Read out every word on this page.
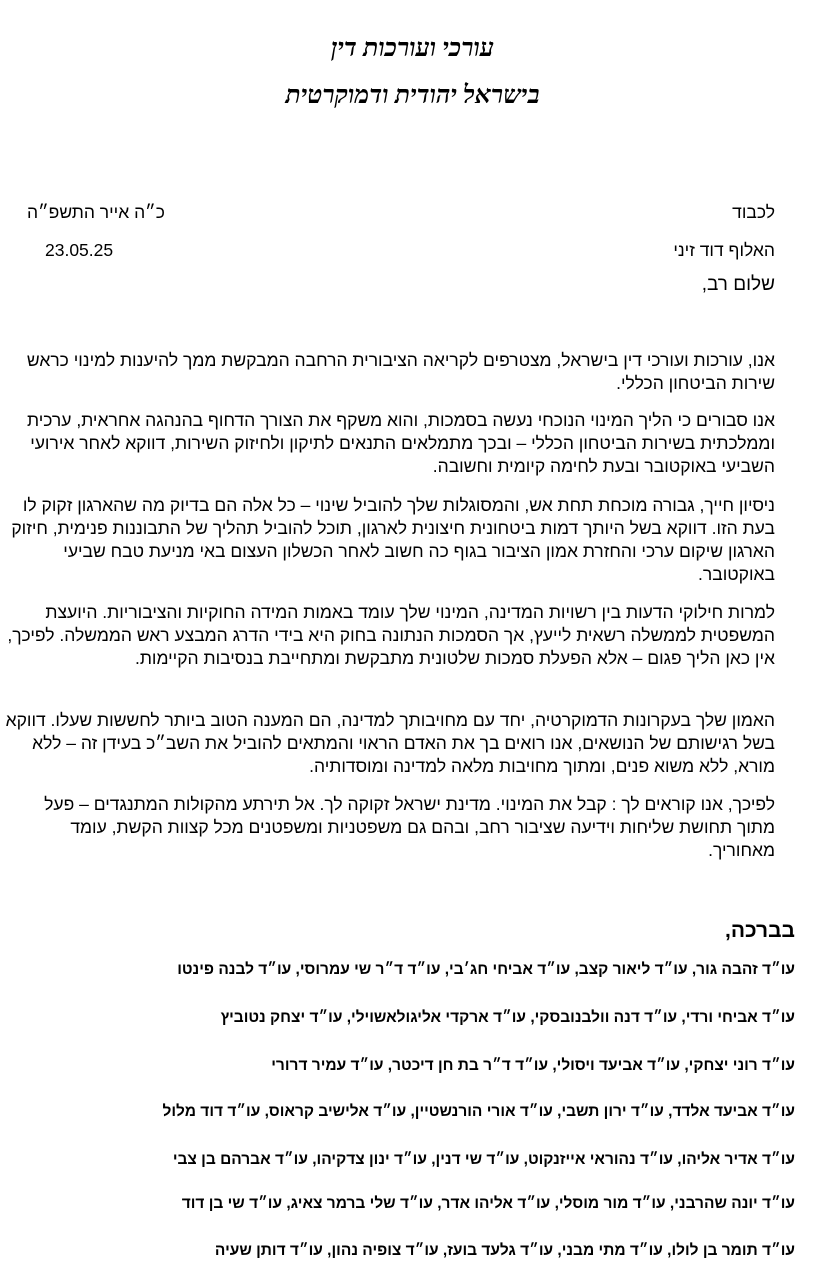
עורכי ועורכות דין
בישראל יהודית ודמוקרטית
לכבוד
כ״ה אייר התשפ״ה
האלוף דוד זיני
23.05.25
שלום רב,

אנו, עורכות ועורכי דין בישראל, מצטרפים לקריאה הציבורית הרחבה המבקשת ממך להיענות למינוי כראש שירות הביטחון הכללי.

אנו סבורים כי הליך המינוי הנוכחי נעשה בסמכות, והוא משקף את הצורך הדחוף בהנהגה אחראית, ערכית וממלכתית בשירות הביטחון הכללי – ובכך מתמלאים התנאים לתיקון ולחיזוק השירות, דווקא לאחר אירועי השביעי באוקטובר ובעת לחימה קיומית וחשובה.

ניסיון חייך, גבורה מוכחת תחת אש, והמסוגלות שלך להוביל שינוי – כל אלה הם בדיוק מה שהארגון זקוק לו בעת הזו. דווקא בשל היותך דמות ביטחונית חיצונית לארגון, תוכל להוביל תהליך של התבוננות פנימית, חיזוק הארגון שיקום ערכי והחזרת אמון הציבור בגוף כה חשוב לאחר הכשלון העצום באי מניעת טבח שביעי באוקטובר.

למרות חילוקי הדעות בין רשויות המדינה, המינוי שלך עומד באמות המידה החוקיות והציבוריות. היועצת המשפטית לממשלה רשאית לייעץ, אך הסמכות הנתונה בחוק היא בידי הדרג המבצע ראש הממשלה. לפיכך, אין כאן הליך פגום – אלא הפעלת סמכות שלטונית מתבקשת ומתחייבת בנסיבות הקיימות.

האמון שלך בעקרונות הדמוקרטיה, יחד עם מחויבותך למדינה, הם המענה הטוב ביותר לחששות שעלו. דווקא בשל רגישותם של הנושאים, אנו רואים בך את האדם הראוי והמתאים להוביל את השב״כ בעידן זה – ללא מורא, ללא משוא פנים, ומתוך מחויבות מלאה למדינה ומוסדותיה.

לפיכך, אנו קוראים לך : קבל את המינוי. מדינת ישראל זקוקה לך. אל תירתע מהקולות המתנגדים – פעל מתוך תחושת שליחות וידיעה שציבור רחב, ובהם גם משפטניות ומשפטנים מכל קצוות הקשת, עומד מאחוריך.

בברכה,
עו״ד זהבה גור, עו״ד ליאור קצב, עו״ד אביחי חג׳בי, עו״ד ד״ר שי עמרוסי, עו״ד לבנה פינטו
עו״ד אביחי ורדי, עו״ד דנה וולבנובסקי, עו״ד ארקדי אליגולאשוילי, עו״ד יצחק נטוביץ
עו״ד רוני יצחקי, עו״ד אביעד ויסולי, עו״ד ד״ר בת חן דיכטר, עו״ד עמיר דרורי
עו״ד אביעד אלדד, עו״ד ירון תשבי, עו״ד אורי הורנשטיין, עו״ד אלישיב קראוס, עו״ד דוד מלול
עו״ד אדיר אליהו, עו״ד נהוראי אייזנקוט, עו״ד שי דנין, עו״ד ינון צדקיהו, עו״ד אברהם בן צבי
עו״ד יונה שהרבני, עו״ד מור מוסלי, עו״ד אליהו אדר, עו״ד שלי ברמר צאיג, עו״ד שי בן דוד
עו״ד תומר בן לולו, עו״ד מתי מבני, עו״ד גלעד בועז, עו״ד צופיה נהון, עו״ד דותן שעיה
